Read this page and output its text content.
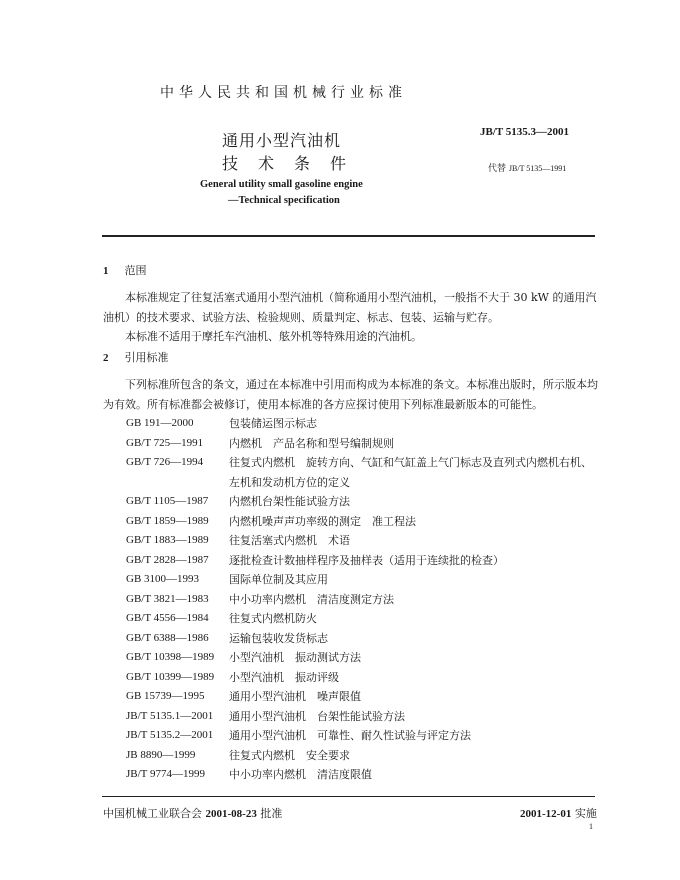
中华人民共和国机械行业标准
通用小型汽油机
技术条件
General utility small gasoline engine
—Technical specification
JB/T 5135.3—2001
代替 JB/T 5135—1991
1 范围
本标准规定了往复活塞式通用小型汽油机（简称通用小型汽油机，一般指不大于 30 kW 的通用汽
油机）的技术要求、试验方法、检验规则、质量判定、标志、包装、运输与贮存。
本标准不适用于摩托车汽油机、舷外机等特殊用途的汽油机。
2 引用标准
下列标准所包含的条文，通过在本标准中引用而构成为本标准的条文。本标准出版时，所示版本均
为有效。所有标准都会被修订，使用本标准的各方应探讨使用下列标准最新版本的可能性。
GB 191—2000	包装储运图示标志
GB/T 725—1991	内燃机　产品名称和型号编制规则
GB/T 726—1994	往复式内燃机　旋转方向、气缸和气缸盖上气门标志及直列式内燃机右机、左机和发动机方位的定义
GB/T 1105—1987	内燃机台架性能试验方法
GB/T 1859—1989	内燃机噪声声功率级的测定　准工程法
GB/T 1883—1989	往复活塞式内燃机　术语
GB/T 2828—1987	逐批检查计数抽样程序及抽样表（适用于连续批的检查）
GB 3100—1993	国际单位制及其应用
GB/T 3821—1983	中小功率内燃机　清洁度测定方法
GB/T 4556—1984	往复式内燃机防火
GB/T 6388—1986	运输包装收发货标志
GB/T 10398—1989	小型汽油机　振动测试方法
GB/T 10399—1989	小型汽油机　振动评级
GB 15739—1995	通用小型汽油机　噪声限值
JB/T 5135.1—2001	通用小型汽油机　台架性能试验方法
JB/T 5135.2—2001	通用小型汽油机　可靠性、耐久性试验与评定方法
JB 8890—1999	往复式内燃机　安全要求
JB/T 9774—1999	中小功率内燃机　清洁度限值
中国机械工业联合会 2001-08-23 批准	2001-12-01 实施
1
